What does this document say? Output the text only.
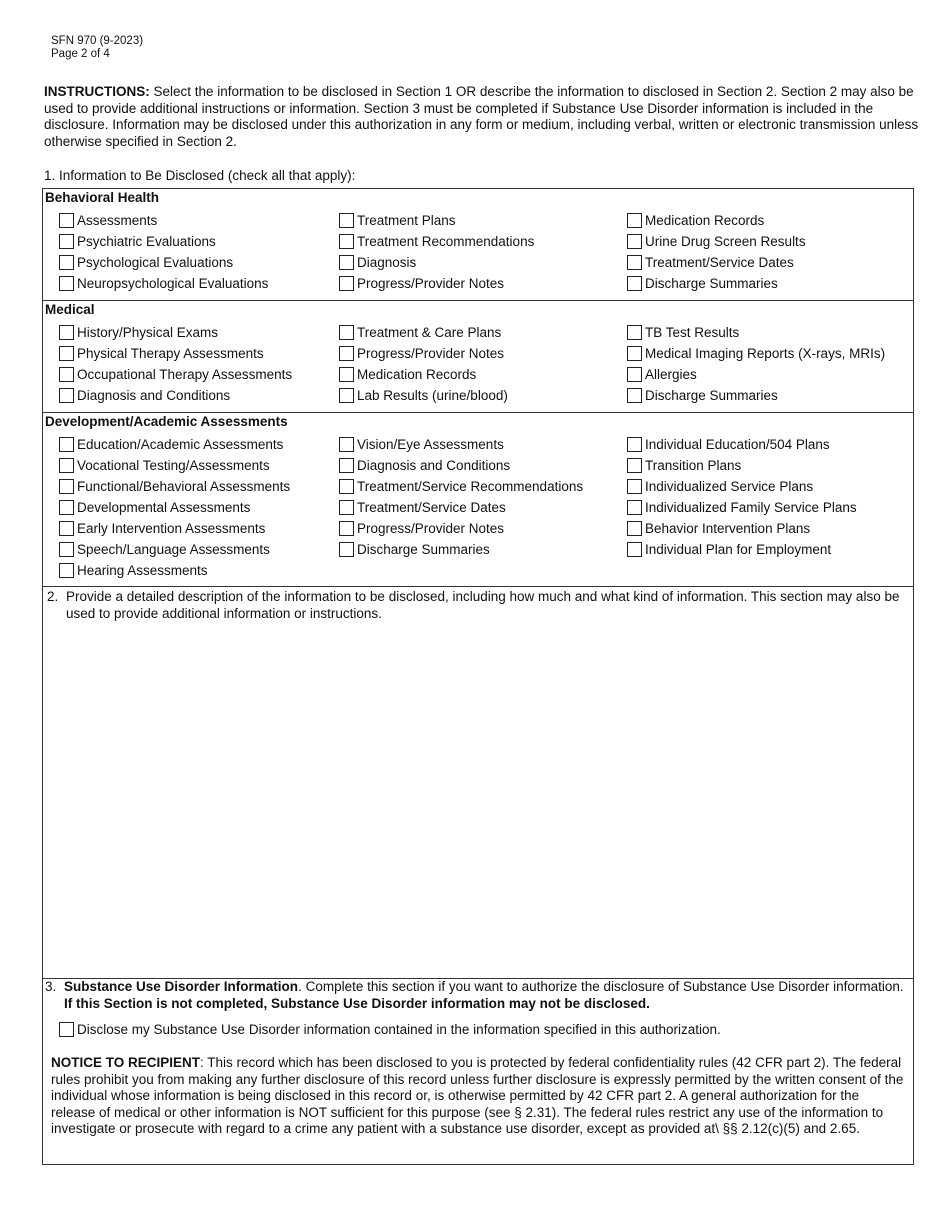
SFN 970 (9-2023)
Page 2 of 4
INSTRUCTIONS: Select the information to be disclosed in Section 1 OR describe the information to disclosed in Section 2. Section 2 may also be used to provide additional instructions or information. Section 3 must be completed if Substance Use Disorder information is included in the disclosure. Information may be disclosed under this authorization in any form or medium, including verbal, written or electronic transmission unless otherwise specified in Section 2.
1. Information to Be Disclosed (check all that apply):
Behavioral Health
Assessments
Psychiatric Evaluations
Psychological Evaluations
Neuropsychological Evaluations
Treatment Plans
Treatment Recommendations
Diagnosis
Progress/Provider Notes
Medication Records
Urine Drug Screen Results
Treatment/Service Dates
Discharge Summaries
Medical
History/Physical Exams
Physical Therapy Assessments
Occupational Therapy Assessments
Diagnosis and Conditions
Treatment & Care Plans
Progress/Provider Notes
Medication Records
Lab Results (urine/blood)
TB Test Results
Medical Imaging Reports (X-rays, MRIs)
Allergies
Discharge Summaries
Development/Academic Assessments
Education/Academic Assessments
Vocational Testing/Assessments
Functional/Behavioral Assessments
Developmental Assessments
Early Intervention Assessments
Speech/Language Assessments
Hearing Assessments
Vision/Eye Assessments
Diagnosis and Conditions
Treatment/Service Recommendations
Treatment/Service Dates
Progress/Provider Notes
Discharge Summaries
Individual Education/504 Plans
Transition Plans
Individualized Service Plans
Individualized Family Service Plans
Behavior Intervention Plans
Individual Plan for Employment
2. Provide a detailed description of the information to be disclosed, including how much and what kind of information. This section may also be used to provide additional information or instructions.
3. Substance Use Disorder Information. Complete this section if you want to authorize the disclosure of Substance Use Disorder information. If this Section is not completed, Substance Use Disorder information may not be disclosed.
Disclose my Substance Use Disorder information contained in the information specified in this authorization.
NOTICE TO RECIPIENT: This record which has been disclosed to you is protected by federal confidentiality rules (42 CFR part 2). The federal rules prohibit you from making any further disclosure of this record unless further disclosure is expressly permitted by the written consent of the individual whose information is being disclosed in this record or, is otherwise permitted by 42 CFR part 2. A general authorization for the release of medical or other information is NOT sufficient for this purpose (see § 2.31). The federal rules restrict any use of the information to investigate or prosecute with regard to a crime any patient with a substance use disorder, except as provided at\ §§ 2.12(c)(5) and 2.65.
